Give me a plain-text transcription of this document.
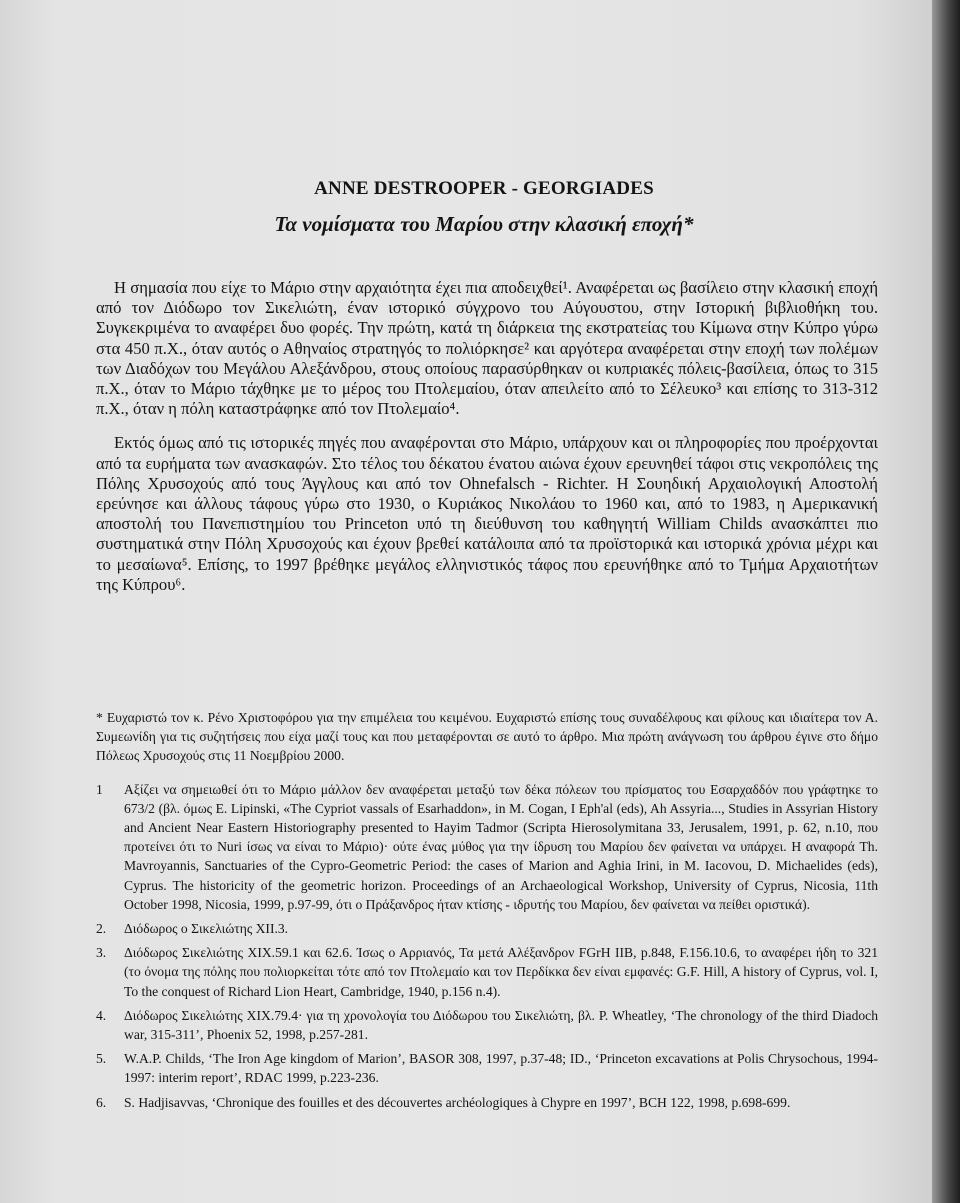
ANNE DESTROOPER - GEORGIADES
Τα νομίσματα του Μαρίου στην κλασική εποχή*

Η σημασία που είχε το Μάριο στην αρχαιότητα έχει πια αποδειχθεί¹. Αναφέρεται ως βασίλειο στην κλασική εποχή από τον Διόδωρο τον Σικελιώτη, έναν ιστορικό σύγχρονο του Αύγουστου, στην Ιστορική βιβλιοθήκη του. Συγκεκριμένα το αναφέρει δυο φορές. Την πρώτη, κατά τη διάρκεια της εκστρατείας του Κίμωνα στην Κύπρο γύρω στα 450 π.Χ., όταν αυτός ο Αθηναίος στρατηγός το πολιόρκησε² και αργότερα αναφέρεται στην εποχή των πολέμων των Διαδόχων του Μεγάλου Αλεξάνδρου, στους οποίους παρασύρθηκαν οι κυπριακές πόλεις-βασίλεια, όπως το 315 π.Χ., όταν το Μάριο τάχθηκε με το μέρος του Πτολεμαίου, όταν απειλείτο από το Σέλευκο³ και επίσης το 313-312 π.Χ., όταν η πόλη καταστράφηκε από τον Πτολεμαίο⁴.

Εκτός όμως από τις ιστορικές πηγές που αναφέρονται στο Μάριο, υπάρχουν και οι πληροφορίες που προέρχονται από τα ευρήματα των ανασκαφών. Στο τέλος του δέκατου ένατου αιώνα έχουν ερευνηθεί τάφοι στις νεκροπόλεις της Πόλης Χρυσοχούς από τους Άγγλους και από τον Ohnefalsch - Richter. Η Σουηδική Αρχαιολογική Αποστολή ερεύνησε και άλλους τάφους γύρω στο 1930, ο Κυριάκος Νικολάου το 1960 και, από το 1983, η Αμερικανική αποστολή του Πανεπιστημίου του Princeton υπό τη διεύθυνση του καθηγητή William Childs ανασκάπτει πιο συστηματικά στην Πόλη Χρυσοχούς και έχουν βρεθεί κατάλοιπα από τα προϊστορικά και ιστορικά χρόνια μέχρι και το μεσαίωνα⁵. Επίσης, το 1997 βρέθηκε μεγάλος ελληνιστικός τάφος που ερευνήθηκε από το Τμήμα Αρχαιοτήτων της Κύπρου⁶.

* Ευχαριστώ τον κ. Ρένο Χριστοφόρου για την επιμέλεια του κειμένου. Ευχαριστώ επίσης τους συναδέλφους και φίλους και ιδιαίτερα τον Α. Συμεωνίδη για τις συζητήσεις που είχα μαζί τους και που μεταφέρονται σε αυτό το άρθρο. Μια πρώτη ανάγνωση του άρθρου έγινε στο δήμο Πόλεως Χρυσοχούς στις 11 Νοεμβρίου 2000.
1	Αξίζει να σημειωθεί ότι το Μάριο μάλλον δεν αναφέρεται μεταξύ των δέκα πόλεων του πρίσματος του Εσαρχαδδόν που γράφτηκε το 673/2 (βλ. όμως E. Lipinski, «The Cypriot vassals of Esarhaddon», in M. Cogan, I Eph'al (eds), Ah Assyria..., Studies in Assyrian History and Ancient Near Eastern Historiography presented to Hayim Tadmor (Scripta Hierosolymitana 33, Jerusalem, 1991, p. 62, n.10, που προτείνει ότι το Nuri ίσως να είναι το Μάριο)· ούτε ένας μύθος για την ίδρυση του Μαρίου δεν φαίνεται να υπάρχει. Η αναφορά Th. Mavroyannis, Sanctuaries of the Cypro-Geometric Period: the cases of Marion and Aghia Irini, in M. Iacovou, D. Michaelides (eds), Cyprus. The historicity of the geometric horizon. Proceedings of an Archaeological Workshop, University of Cyprus, Nicosia, 11th October 1998, Nicosia, 1999, p.97-99, ότι ο Πράξανδρος ήταν κτίσης - ιδρυτής του Μαρίου, δεν φαίνεται να πείθει οριστικά).
2.	Διόδωρος ο Σικελιώτης XII.3.
3.	Διόδωρος Σικελιώτης XIX.59.1 και 62.6. Ίσως ο Αρριανός, Τα μετά Αλέξανδρον FGrH IIB, p.848, F.156.10.6, το αναφέρει ήδη το 321 (το όνομα της πόλης που πολιορκείται τότε από τον Πτολεμαίο και τον Περδίκκα δεν είναι εμφανές: G.F. Hill, A history of Cyprus, vol. I, To the conquest of Richard Lion Heart, Cambridge, 1940, p.156 n.4).
4.	Διόδωρος Σικελιώτης XIX.79.4· για τη χρονολογία του Διόδωρου του Σικελιώτη, βλ. P. Wheatley, ‘The chronology of the third Diadoch war, 315-311’, Phoenix 52, 1998, p.257-281.
5.	W.A.P. Childs, ‘The Iron Age kingdom of Marion’, BASOR 308, 1997, p.37-48; ID., ‘Princeton excavations at Polis Chrysochous, 1994-1997: interim report’, RDAC 1999, p.223-236.
6.	S. Hadjisavvas, ‘Chronique des fouilles et des découvertes archéologiques à Chypre en 1997’, BCH 122, 1998, p.698-699.
